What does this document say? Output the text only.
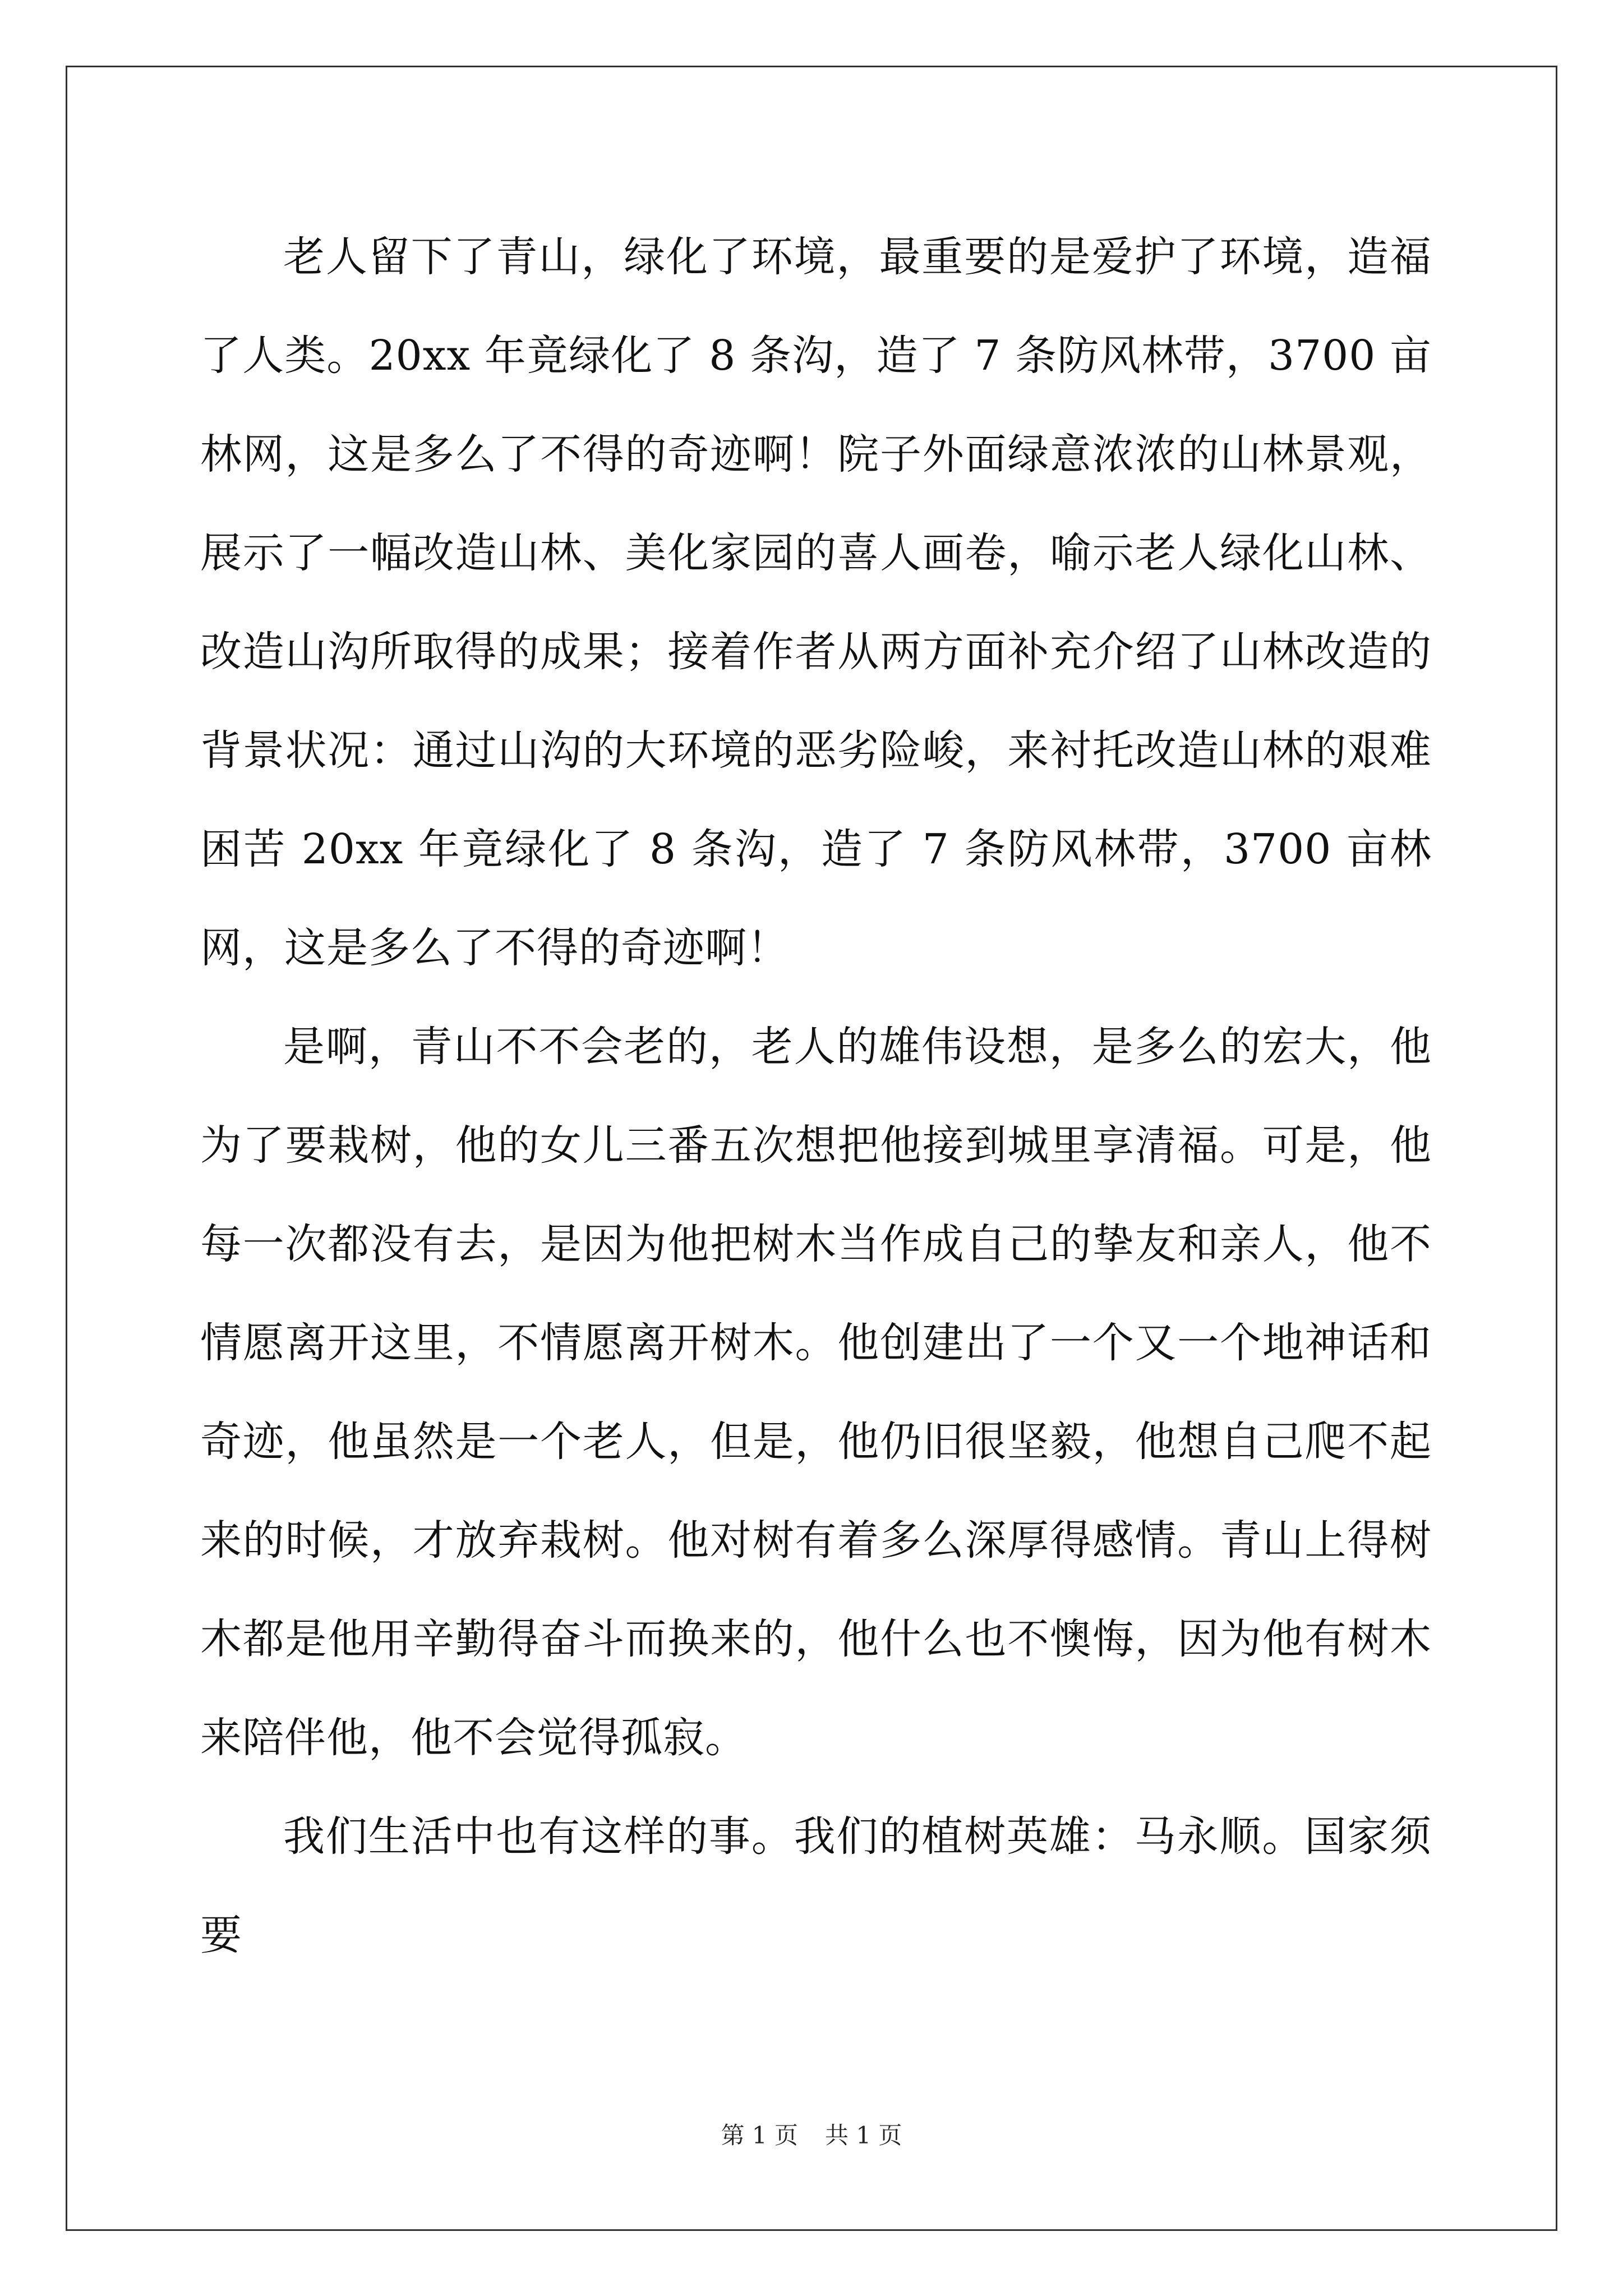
老人留下了青山，绿化了环境，最重要的是爱护了环境，造福了人类。20xx 年竟绿化了 8 条沟，造了 7 条防风林带，3700 亩林网，这是多么了不得的奇迹啊！院子外面绿意浓浓的山林景观，展示了一幅改造山林、美化家园的喜人画卷，喻示老人绿化山林、改造山沟所取得的成果；接着作者从两方面补充介绍了山林改造的背景状况：通过山沟的大环境的恶劣险峻，来衬托改造山林的艰难困苦 20xx 年竟绿化了 8 条沟，造了 7 条防风林带，3700 亩林网，这是多么了不得的奇迹啊！

是啊，青山不不会老的，老人的雄伟设想，是多么的宏大，他为了要栽树，他的女儿三番五次想把他接到城里享清福。可是，他每一次都没有去，是因为他把树木当作成自己的挚友和亲人，他不情愿离开这里，不情愿离开树木。他创建出了一个又一个地神话和奇迹，他虽然是一个老人，但是，他仍旧很坚毅，他想自己爬不起来的时候，才放弃栽树。他对树有着多么深厚得感情。青山上得树木都是他用辛勤得奋斗而换来的，他什么也不懊悔，因为他有树木来陪伴他，他不会觉得孤寂。

我们生活中也有这样的事。我们的植树英雄：马永顺。国家须要

第 1 页 共 1 页
